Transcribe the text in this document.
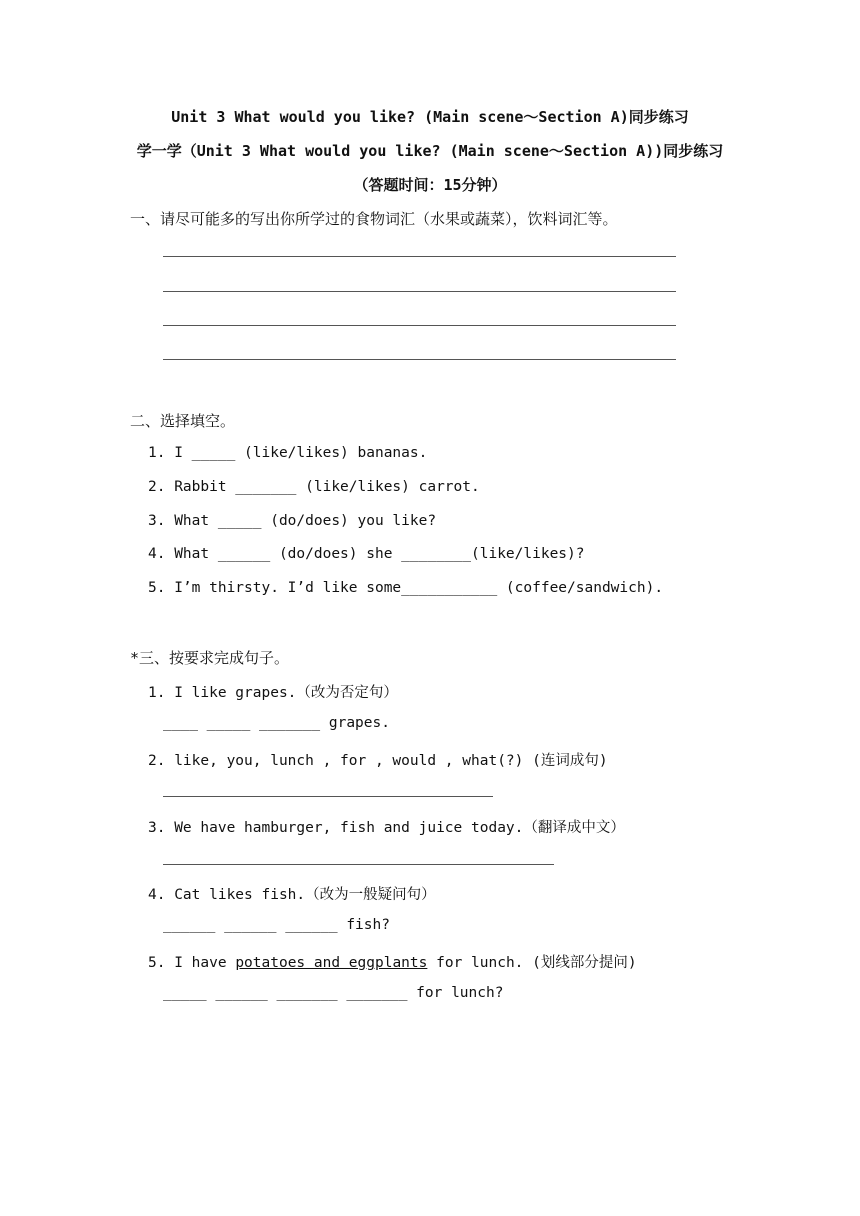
Unit 3 What would you like? (Main scene～Section A)同步练习
学一学（Unit 3 What would you like? (Main scene～Section A))同步练习
（答题时间：15分钟）
一、请尽可能多的写出你所学过的食物词汇（水果或蔬菜），饮料词汇等。
二、选择填空。
1. I _____ (like/likes) bananas.
2. Rabbit _______ (like/likes) carrot.
3. What _____ (do/does) you like?
4. What ______ (do/does) she ________(like/likes)?
5. I’m thirsty. I’d like some___________ (coffee/sandwich).
*三、按要求完成句子。
1. I like grapes.（改为否定句）
____ _____ _______ grapes.
2. like, you, lunch , for , would , what(?) (连词成句)
3. We have hamburger, fish and juice today.（翻译成中文）
4. Cat likes fish.（改为一般疑问句）
______ ______ ______ fish?
5. I have potatoes and eggplants for lunch. (划线部分提问)
_____ ______ _______ _______ for lunch?
